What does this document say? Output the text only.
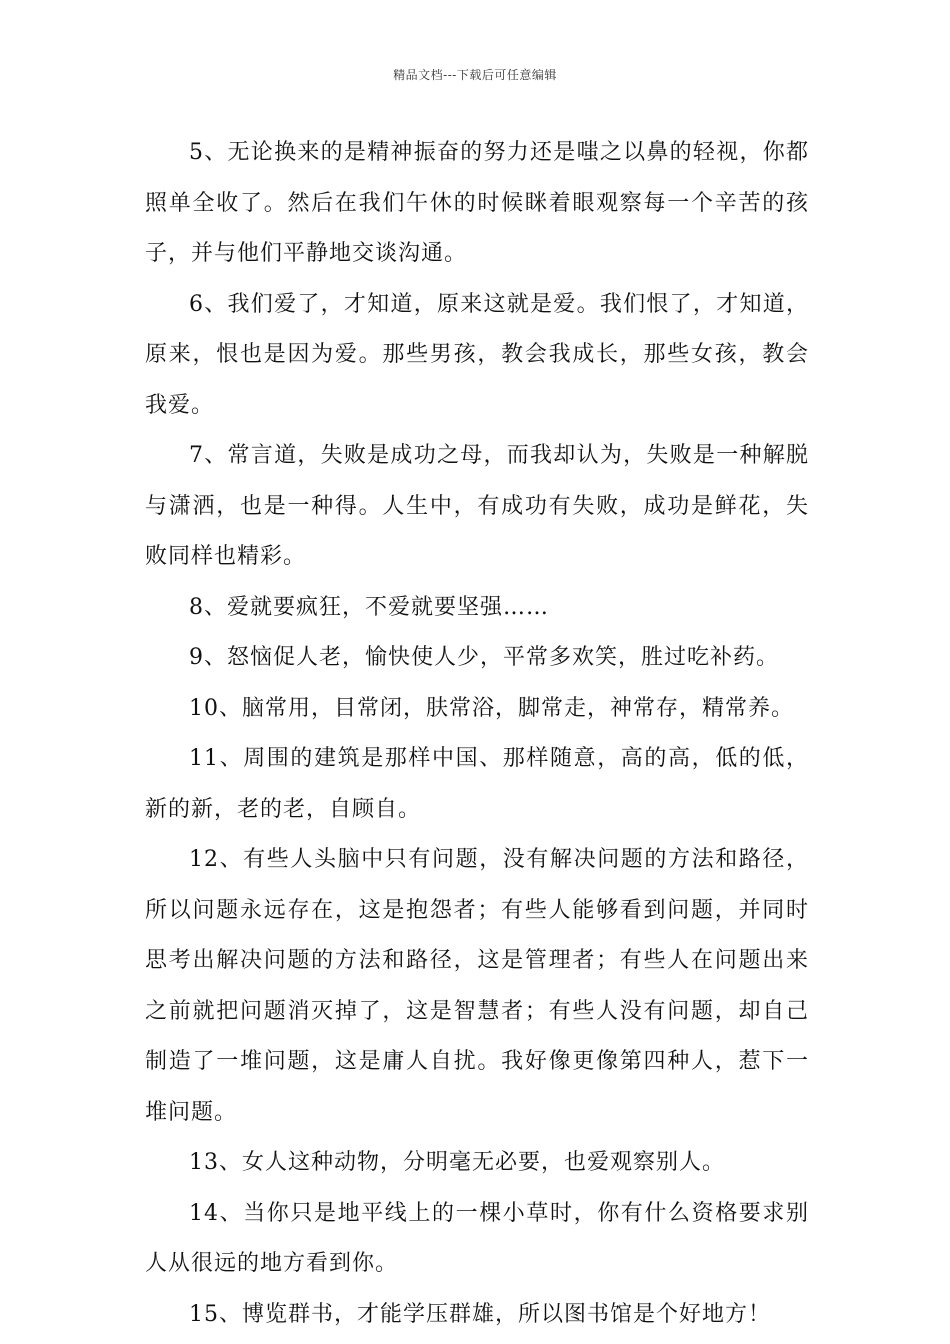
精品文档---下载后可任意编辑

5、无论换来的是精神振奋的努力还是嗤之以鼻的轻视，你都照单全收了。然后在我们午休的时候眯着眼观察每一个辛苦的孩子，并与他们平静地交谈沟通。

6、我们爱了，才知道，原来这就是爱。我们恨了，才知道，原来，恨也是因为爱。那些男孩，教会我成长，那些女孩，教会我爱。

7、常言道，失败是成功之母，而我却认为，失败是一种解脱与潇洒，也是一种得。人生中，有成功有失败，成功是鲜花，失败同样也精彩。

8、爱就要疯狂，不爱就要坚强……

9、怒恼促人老，愉快使人少，平常多欢笑，胜过吃补药。

10、脑常用，目常闭，肤常浴，脚常走，神常存，精常养。

11、周围的建筑是那样中国、那样随意，高的高，低的低，新的新，老的老，自顾自。

12、有些人头脑中只有问题，没有解决问题的方法和路径，所以问题永远存在，这是抱怨者；有些人能够看到问题，并同时思考出解决问题的方法和路径，这是管理者；有些人在问题出来之前就把问题消灭掉了，这是智慧者；有些人没有问题，却自己制造了一堆问题，这是庸人自扰。我好像更像第四种人，惹下一堆问题。

13、女人这种动物，分明毫无必要，也爱观察别人。

14、当你只是地平线上的一棵小草时，你有什么资格要求别人从很远的地方看到你。

15、博览群书，才能学压群雄，所以图书馆是个好地方！
